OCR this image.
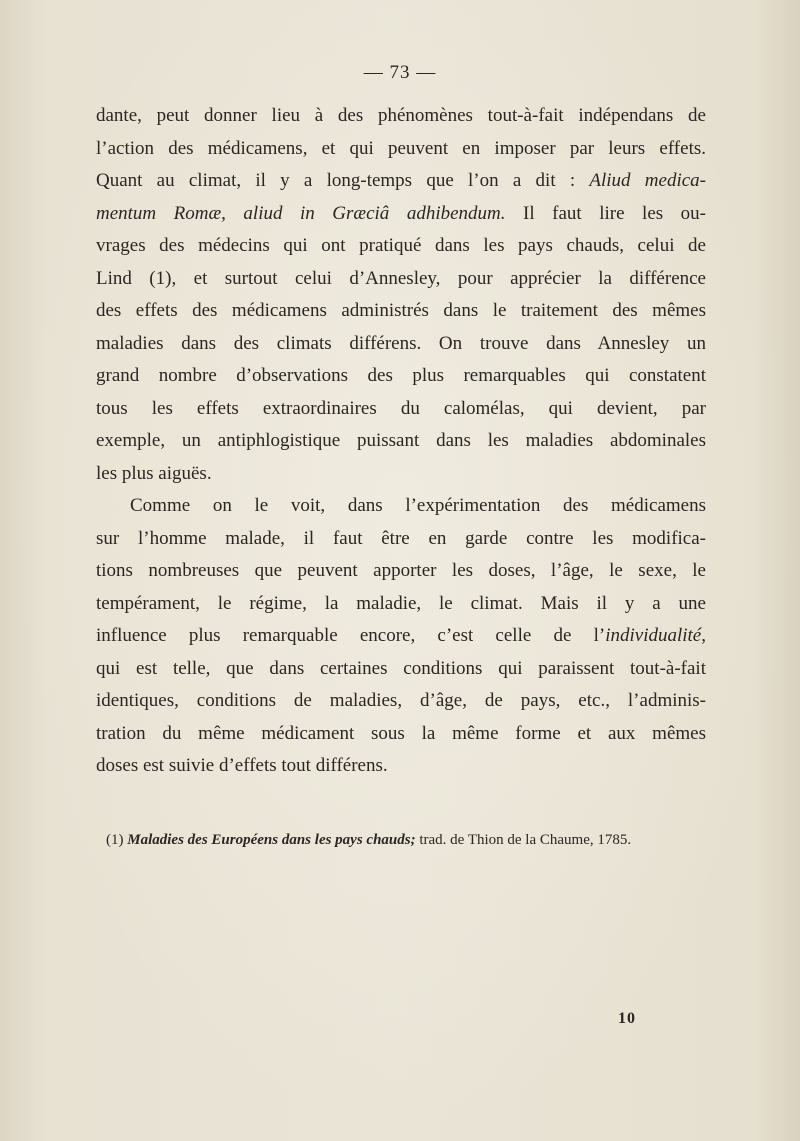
— 73 —
dante, peut donner lieu à des phénomènes tout-à-fait indépendans de
l’action des médicamens, et qui peuvent en imposer par leurs effets.
Quant au climat, il y a long-temps que l’on a dit : Aliud medica-
mentum Romæ, aliud in Græciâ adhibendum. Il faut lire les ou-
vrages des médecins qui ont pratiqué dans les pays chauds, celui de
Lind (1), et surtout celui d’Annesley, pour apprécier la différence
des effets des médicamens administrés dans le traitement des mêmes
maladies dans des climats différens. On trouve dans Annesley un
grand nombre d’observations des plus remarquables qui constatent
tous les effets extraordinaires du calomélas, qui devient, par
exemple, un antiphlogistique puissant dans les maladies abdominales
les plus aiguës.
Comme on le voit, dans l’expérimentation des médicamens
sur l’homme malade, il faut être en garde contre les modifica-
tions nombreuses que peuvent apporter les doses, l’âge, le sexe, le
tempérament, le régime, la maladie, le climat. Mais il y a une
influence plus remarquable encore, c’est celle de l’individualité,
qui est telle, que dans certaines conditions qui paraissent tout-à-fait
identiques, conditions de maladies, d’âge, de pays, etc., l’adminis-
tration du même médicament sous la même forme et aux mêmes
doses est suivie d’effets tout différens.
(1) Maladies des Européens dans les pays chauds; trad. de Thion de la Chaume, 1785.
10
